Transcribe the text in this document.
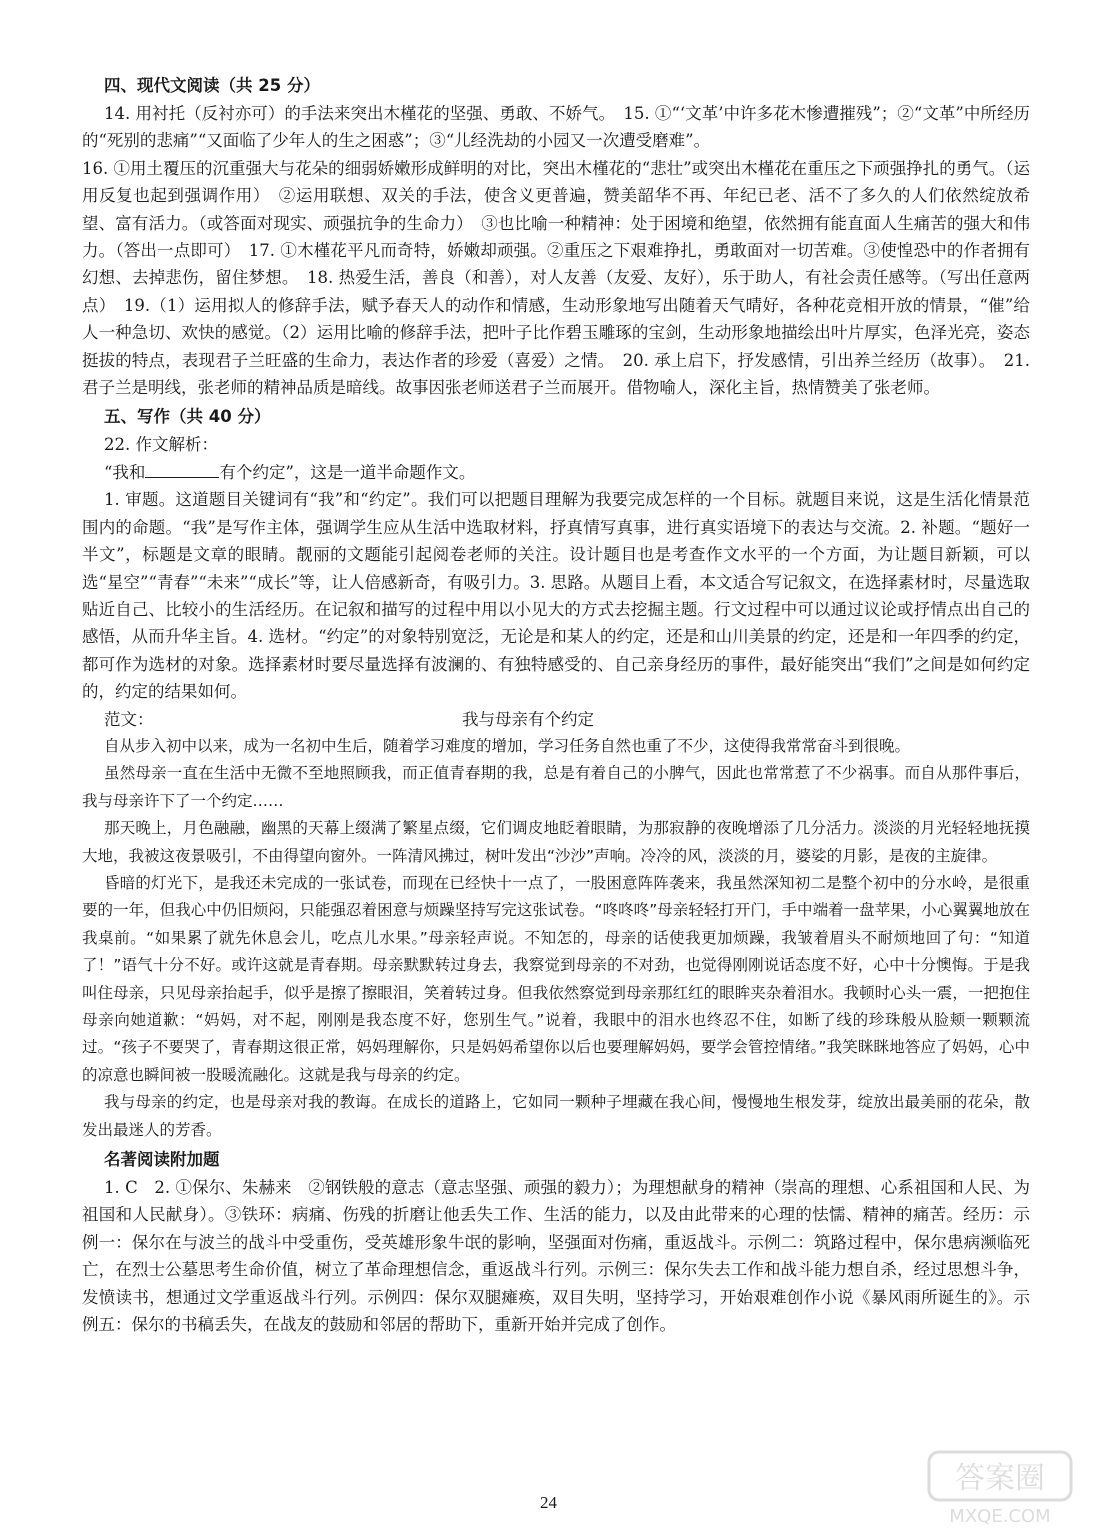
四、现代文阅读（共 25 分）

14. 用衬托（反衬亦可）的手法来突出木槿花的坚强、勇敢、不娇气。　15. ①“‘文革’中许多花木惨遭摧残”；②“文革”中所经历的“死别的悲痛”“又面临了少年人的生之困惑”；③“儿经洗劫的小园又一次遭受磨难”。

16. ①用土覆压的沉重强大与花朵的细弱娇嫩形成鲜明的对比，突出木槿花的“悲壮”或突出木槿花在重压之下顽强挣扎的勇气。（运用反复也起到强调作用）　②运用联想、双关的手法，使含义更普遍，赞美韶华不再、年纪已老、活不了多久的人们依然绽放希望、富有活力。（或答面对现实、顽强抗争的生命力）　③也比喻一种精神：处于困境和绝望，依然拥有能直面人生痛苦的强大和伟力。（答出一点即可）　17. ①木槿花平凡而奇特，娇嫩却顽强。②重压之下艰难挣扎，勇敢面对一切苦难。③使惶恐中的作者拥有幻想、去掉悲伤，留住梦想。　18. 热爱生活，善良（和善），对人友善（友爱、友好），乐于助人，有社会责任感等。（写出任意两点）　19.（1）运用拟人的修辞手法，赋予春天人的动作和情感，生动形象地写出随着天气晴好，各种花竞相开放的情景，“催”给人一种急切、欢快的感觉。（2）运用比喻的修辞手法，把叶子比作碧玉雕琢的宝剑，生动形象地描绘出叶片厚实，色泽光亮，姿态挺拔的特点，表现君子兰旺盛的生命力，表达作者的珍爱（喜爱）之情。　20. 承上启下，抒发感情，引出养兰经历（故事）。　21. 君子兰是明线，张老师的精神品质是暗线。故事因张老师送君子兰而展开。借物喻人，深化主旨，热情赞美了张老师。

五、写作（共 40 分）

22. 作文解析：

“我和	有个约定”，这是一道半命题作文。

1. 审题。这道题目关键词有“我”和“约定”。我们可以把题目理解为我要完成怎样的一个目标。就题目来说，这是生活化情景范围内的命题。“我”是写作主体，强调学生应从生活中选取材料，抒真情写真事，进行真实语境下的表达与交流。2. 补题。“题好一半文”，标题是文章的眼睛。靓丽的文题能引起阅卷老师的关注。设计题目也是考查作文水平的一个方面，为让题目新颖，可以选“星空”“青春”“未来”“成长”等，让人倍感新奇，有吸引力。3. 思路。从题目上看，本文适合写记叙文，在选择素材时，尽量选取贴近自己、比较小的生活经历。在记叙和描写的过程中用以小见大的方式去挖掘主题。行文过程中可以通过议论或抒情点出自己的感悟，从而升华主旨。4. 选材。“约定”的对象特别宽泛，无论是和某人的约定，还是和山川美景的约定，还是和一年四季的约定，都可作为选材的对象。选择素材时要尽量选择有波澜的、有独特感受的、自己亲身经历的事件，最好能突出“我们”之间是如何约定的，约定的结果如何。

范文：	我与母亲有个约定

自从步入初中以来，成为一名初中生后，随着学习难度的增加，学习任务自然也重了不少，这使得我常常奋斗到很晚。

虽然母亲一直在生活中无微不至地照顾我，而正值青春期的我，总是有着自己的小脾气，因此也常常惹了不少祸事。而自从那件事后，我与母亲许下了一个约定……

那天晚上，月色融融，幽黑的天幕上缀满了繁星点缀，它们调皮地眨着眼睛，为那寂静的夜晚增添了几分活力。淡淡的月光轻轻地抚摸大地，我被这夜景吸引，不由得望向窗外。一阵清风拂过，树叶发出“沙沙”声响。冷冷的风，淡淡的月，婆娑的月影，是夜的主旋律。

昏暗的灯光下，是我还未完成的一张试卷，而现在已经快十一点了，一股困意阵阵袭来，我虽然深知初二是整个初中的分水岭，是很重要的一年，但我心中仍旧烦闷，只能强忍着困意与烦躁坚持写完这张试卷。“咚咚咚”母亲轻轻打开门，手中端着一盘苹果，小心翼翼地放在我桌前。“如果累了就先休息会儿，吃点儿水果。”母亲轻声说。不知怎的，母亲的话使我更加烦躁，我皱着眉头不耐烦地回了句：“知道了！”语气十分不好。或许这就是青春期。母亲默默转过身去，我察觉到母亲的不对劲，也觉得刚刚说话态度不好，心中十分懊悔。于是我叫住母亲，只见母亲抬起手，似乎是擦了擦眼泪，笑着转过身。但我依然察觉到母亲那红红的眼眸夹杂着泪水。我顿时心头一震，一把抱住母亲向她道歉：“妈妈，对不起，刚刚是我态度不好，您别生气。”说着，我眼中的泪水也终忍不住，如断了线的珍珠般从脸颊一颗颗流过。“孩子不要哭了，青春期这很正常，妈妈理解你，只是妈妈希望你以后也要理解妈妈，要学会管控情绪。”我笑眯眯地答应了妈妈，心中的凉意也瞬间被一股暖流融化。这就是我与母亲的约定。

我与母亲的约定，也是母亲对我的教诲。在成长的道路上，它如同一颗种子埋藏在我心间，慢慢地生根发芽，绽放出最美丽的花朵，散发出最迷人的芳香。

名著阅读附加题

1. C　2. ①保尔、朱赫来　②钢铁般的意志（意志坚强、顽强的毅力）；为理想献身的精神（崇高的理想、心系祖国和人民、为祖国和人民献身）。③铁环：病痛、伤残的折磨让他丢失工作、生活的能力，以及由此带来的心理的怯懦、精神的痛苦。经历：示例一：保尔在与波兰的战斗中受重伤，受英雄形象牛氓的影响，坚强面对伤痛，重返战斗。示例二：筑路过程中，保尔患病濒临死亡，在烈士公墓思考生命价值，树立了革命理想信念，重返战斗行列。示例三：保尔失去工作和战斗能力想自杀，经过思想斗争，发愤读书，想通过文学重返战斗行列。示例四：保尔双腿瘫痪，双目失明，坚持学习，开始艰难创作小说《暴风雨所诞生的》。示例五：保尔的书稿丢失，在战友的鼓励和邻居的帮助下，重新开始并完成了创作。

24
答案圈
MXQE.COM
